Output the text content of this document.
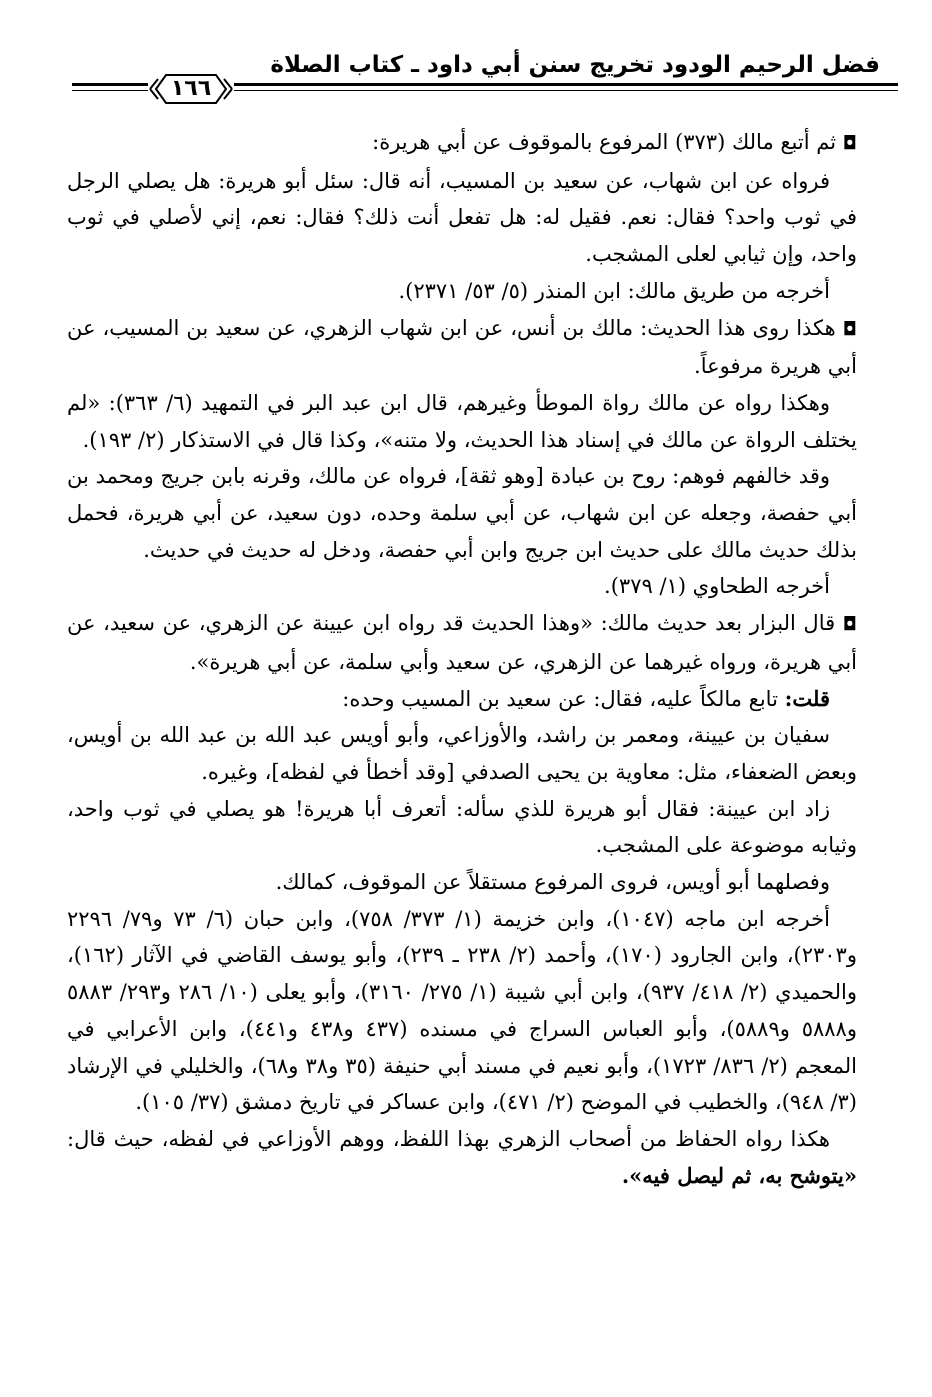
فضل الرحيم الودود تخريج سنن أبي داود ـ كتاب الصلاة
١٦٦

◘ ثم أتبع مالك (٣٧٣) المرفوع بالموقوف عن أبي هريرة:

فرواه عن ابن شهاب، عن سعيد بن المسيب، أنه قال: سئل أبو هريرة: هل يصلي الرجل في ثوب واحد؟ فقال: نعم. فقيل له: هل تفعل أنت ذلك؟ فقال: نعم، إني لأصلي في ثوب واحد، وإن ثيابي لعلى المشجب.

أخرجه من طريق مالك: ابن المنذر (٥/ ٥٣/ ٢٣٧١).

◘ هكذا روى هذا الحديث: مالك بن أنس، عن ابن شهاب الزهري، عن سعيد بن المسيب، عن أبي هريرة مرفوعاً.

وهكذا رواه عن مالك رواة الموطأ وغيرهم، قال ابن عبد البر في التمهيد (٦/ ٣٦٣): «لم يختلف الرواة عن مالك في إسناد هذا الحديث، ولا متنه»، وكذا قال في الاستذكار (٢/ ١٩٣).

وقد خالفهم فوهم: روح بن عبادة [وهو ثقة]، فرواه عن مالك، وقرنه بابن جريج ومحمد بن أبي حفصة، وجعله عن ابن شهاب، عن أبي سلمة وحده، دون سعيد، عن أبي هريرة، فحمل بذلك حديث مالك على حديث ابن جريج وابن أبي حفصة، ودخل له حديث في حديث.

أخرجه الطحاوي (١/ ٣٧٩).

◘ قال البزار بعد حديث مالك: «وهذا الحديث قد رواه ابن عيينة عن الزهري، عن سعيد، عن أبي هريرة، ورواه غيرهما عن الزهري، عن سعيد وأبي سلمة، عن أبي هريرة».

قلت: تابع مالكاً عليه، فقال: عن سعيد بن المسيب وحده:

سفيان بن عيينة، ومعمر بن راشد، والأوزاعي، وأبو أويس عبد الله بن عبد الله بن أويس، وبعض الضعفاء، مثل: معاوية بن يحيى الصدفي [وقد أخطأ في لفظه]، وغيره.

زاد ابن عيينة: فقال أبو هريرة للذي سأله: أتعرف أبا هريرة! هو يصلي في ثوب واحد، وثيابه موضوعة على المشجب.

وفصلهما أبو أويس، فروى المرفوع مستقلاً عن الموقوف، كمالك.

أخرجه ابن ماجه (١٠٤٧)، وابن خزيمة (١/ ٣٧٣/ ٧٥٨)، وابن حبان (٦/ ٧٣ و٧٩/ ٢٢٩٦ و٢٣٠٣)، وابن الجارود (١٧٠)، وأحمد (٢/ ٢٣٨ ـ ٢٣٩)، وأبو يوسف القاضي في الآثار (١٦٢)، والحميدي (٢/ ٤١٨/ ٩٣٧)، وابن أبي شيبة (١/ ٢٧٥/ ٣١٦٠)، وأبو يعلى (١٠/ ٢٨٦ و٢٩٣/ ٥٨٨٣ و٥٨٨٨ و٥٨٨٩)، وأبو العباس السراج في مسنده (٤٣٧ و٤٣٨ و٤٤١)، وابن الأعرابي في المعجم (٢/ ٨٣٦/ ١٧٢٣)، وأبو نعيم في مسند أبي حنيفة (٣٥ و٣٨ و٦٨)، والخليلي في الإرشاد (٣/ ٩٤٨)، والخطيب في الموضح (٢/ ٤٧١)، وابن عساكر في تاريخ دمشق (٣٧/ ١٠٥).

هكذا رواه الحفاظ من أصحاب الزهري بهذا اللفظ، ووهم الأوزاعي في لفظه، حيث قال: «يتوشح به، ثم ليصل فيه».
